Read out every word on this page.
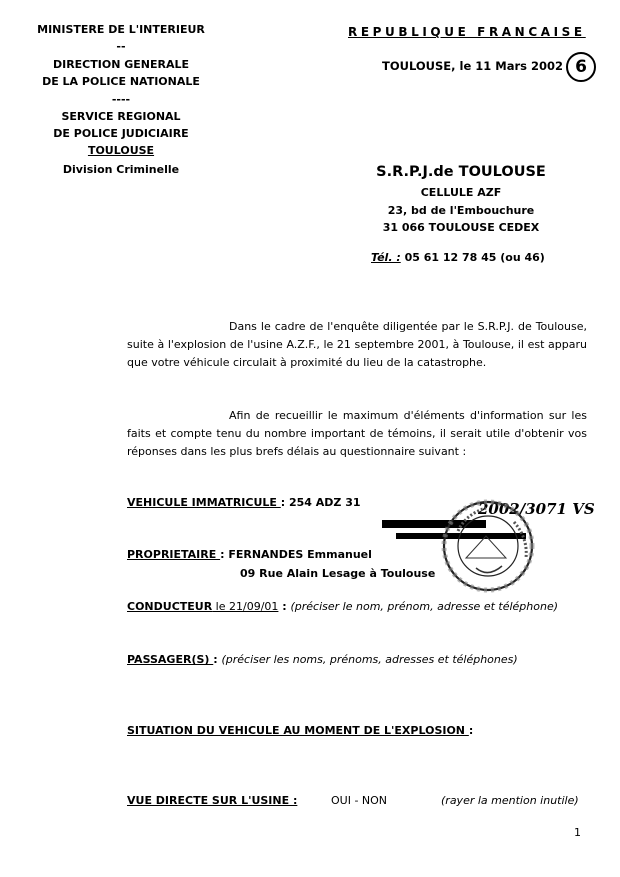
MINISTERE DE L'INTERIEUR
--
DIRECTION GENERALE
DE LA POLICE NATIONALE
----
SERVICE REGIONAL
DE POLICE JUDICIAIRE
TOULOUSE
Division Criminelle
REPUBLIQUE FRANCAISE
TOULOUSE, le 11 Mars 2002 6
S.R.P.J.de TOULOUSE
CELLULE AZF
23, bd de l'Embouchure
31 066 TOULOUSE CEDEX
Tél. : 05 61 12 78 45 (ou 46)
Dans le cadre de l'enquête diligentée par le S.R.P.J. de Toulouse, suite à l'explosion de l'usine A.Z.F., le 21 septembre 2001, à Toulouse, il est apparu que votre véhicule circulait à proximité du lieu de la catastrophe.
Afin de recueillir le maximum d'éléments d'information sur les faits et compte tenu du nombre important de témoins, il serait utile d'obtenir vos réponses dans les plus brefs délais au questionnaire suivant :
VEHICULE IMMATRICULE : 254 ADZ 31	2002/3071 VS
PROPRIETAIRE : FERNANDES Emmanuel
09 Rue Alain Lesage à Toulouse
CONDUCTEUR le 21/09/01 : (préciser le nom, prénom, adresse et téléphone)
PASSAGER(S) : (préciser les noms, prénoms, adresses et téléphones)
SITUATION DU VEHICULE AU MOMENT DE L'EXPLOSION :
VUE DIRECTE SUR L'USINE :	OUI - NON	(rayer la mention inutile)
1
